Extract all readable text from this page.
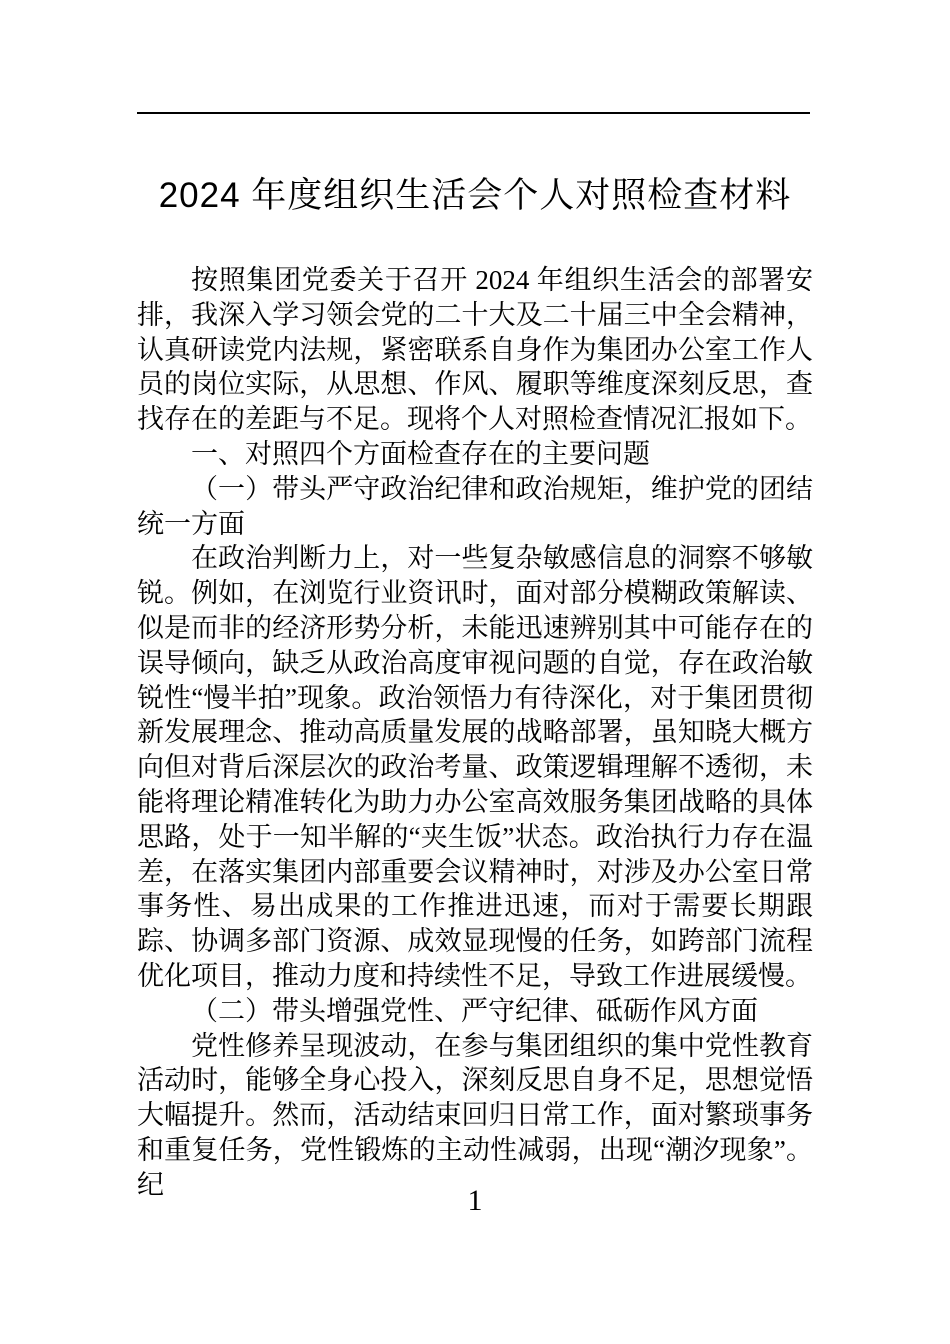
2024 年度组织生活会个人对照检查材料

按照集团党委关于召开 2024 年组织生活会的部署安排，我深入学习领会党的二十大及二十届三中全会精神，认真研读党内法规，紧密联系自身作为集团办公室工作人员的岗位实际，从思想、作风、履职等维度深刻反思，查找存在的差距与不足。现将个人对照检查情况汇报如下。

一、对照四个方面检查存在的主要问题

（一）带头严守政治纪律和政治规矩，维护党的团结统一方面

在政治判断力上，对一些复杂敏感信息的洞察不够敏锐。例如，在浏览行业资讯时，面对部分模糊政策解读、似是而非的经济形势分析，未能迅速辨别其中可能存在的误导倾向，缺乏从政治高度审视问题的自觉，存在政治敏锐性“慢半拍”现象。政治领悟力有待深化，对于集团贯彻新发展理念、推动高质量发展的战略部署，虽知晓大概方向但对背后深层次的政治考量、政策逻辑理解不透彻，未能将理论精准转化为助力办公室高效服务集团战略的具体思路，处于一知半解的“夹生饭”状态。政治执行力存在温差，在落实集团内部重要会议精神时，对涉及办公室日常事务性、易出成果的工作推进迅速，而对于需要长期跟踪、协调多部门资源、成效显现慢的任务，如跨部门流程优化项目，推动力度和持续性不足，导致工作进展缓慢。

（二）带头增强党性、严守纪律、砥砺作风方面

党性修养呈现波动，在参与集团组织的集中党性教育活动时，能够全身心投入，深刻反思自身不足，思想觉悟大幅提升。然而，活动结束回归日常工作，面对繁琐事务和重复任务，党性锻炼的主动性减弱，出现“潮汐现象”。纪	1
